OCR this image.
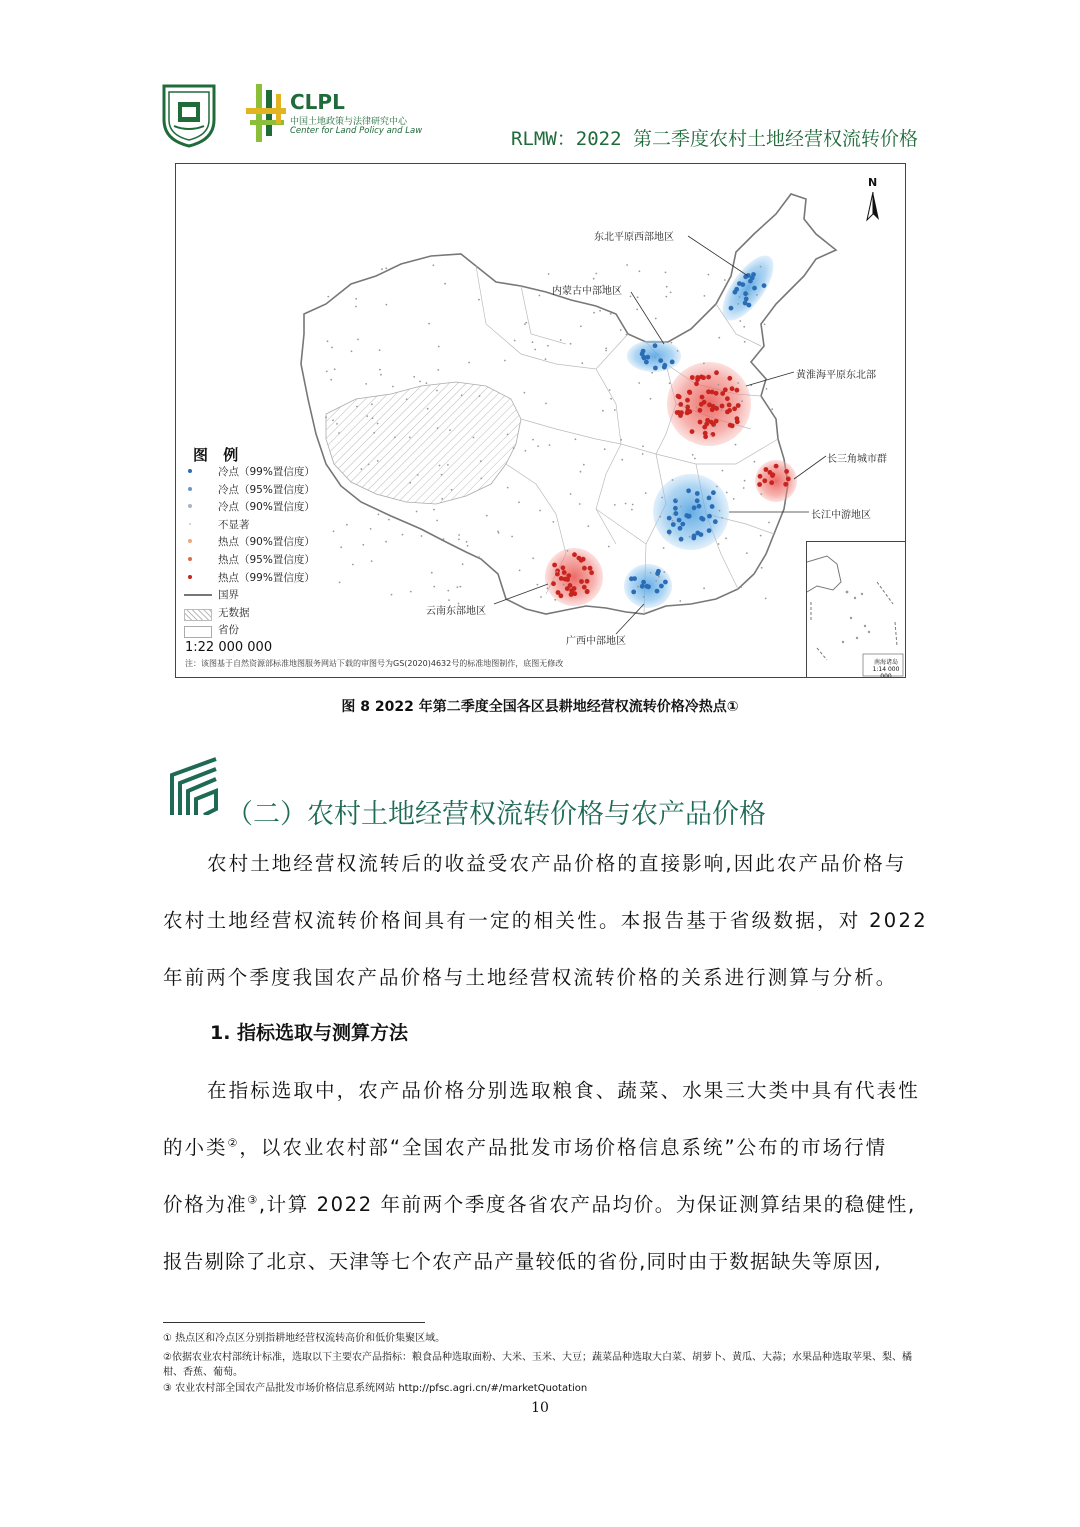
CLPL
中国土地政策与法律研究中心
Center for Land Policy and Law	RLMW：2022 第二季度农村土地经营权流转价格
N
东北平原西部地区
内蒙古中部地区
黄淮海平原东北部
长三角城市群
长江中游地区
云南东部地区
广西中部地区
图 例
1:22 000 000
注：该图基于自然资源部标准地图服务网站下载的审图号为GS(2020)4632号的标准地图制作，底图无修改	南海诸岛
1:14 000 000
冷点（99%置信度）
冷点（95%置信度）
冷点（90%置信度）
不显著
热点（90%置信度）
热点（95%置信度）
热点（99%置信度）
国界
无数据
省份
图 8 2022 年第二季度全国各区县耕地经营权流转价格冷热点①
（二）农村土地经营权流转价格与农产品价格
农村土地经营权流转后的收益受农产品价格的直接影响,因此农产品价格与
农村土地经营权流转价格间具有一定的相关性。本报告基于省级数据，对 2022
年前两个季度我国农产品价格与土地经营权流转价格的关系进行测算与分析。
1. 指标选取与测算方法
在指标选取中，农产品价格分别选取粮食、蔬菜、水果三大类中具有代表性
的小类②，以农业农村部“全国农产品批发市场价格信息系统”公布的市场行情
价格为准③,计算 2022 年前两个季度各省农产品均价。为保证测算结果的稳健性,
报告剔除了北京、天津等七个农产品产量较低的省份,同时由于数据缺失等原因,
① 热点区和冷点区分别指耕地经营权流转高价和低价集聚区域。
②依据农业农村部统计标准，选取以下主要农产品指标：粮食品种选取面粉、大米、玉米、大豆；蔬菜品种选取大白菜、胡萝卜、黄瓜、大蒜；水果品种选取苹果、梨、橘柑、香蕉、葡萄。
③ 农业农村部全国农产品批发市场价格信息系统网站 http://pfsc.agri.cn/#/marketQuotation
10
